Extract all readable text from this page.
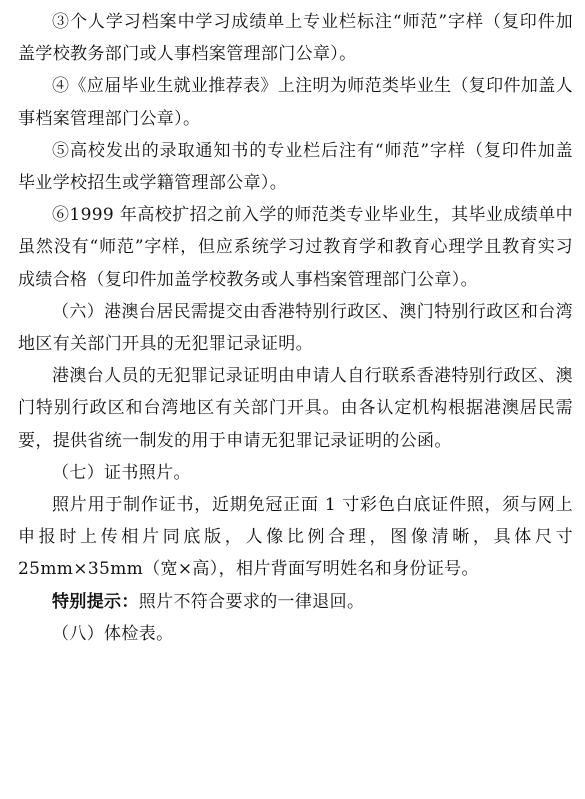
③个人学习档案中学习成绩单上专业栏标注“师范”字样（复印件加盖学校教务部门或人事档案管理部门公章）。

④《应届毕业生就业推荐表》上注明为师范类毕业生（复印件加盖人事档案管理部门公章）。

⑤高校发出的录取通知书的专业栏后注有“师范”字样（复印件加盖毕业学校招生或学籍管理部公章）。

⑥1999 年高校扩招之前入学的师范类专业毕业生，其毕业成绩单中虽然没有“师范”字样，但应系统学习过教育学和教育心理学且教育实习成绩合格（复印件加盖学校教务或人事档案管理部门公章）。

（六）港澳台居民需提交由香港特别行政区、澳门特别行政区和台湾地区有关部门开具的无犯罪记录证明。

港澳台人员的无犯罪记录证明由申请人自行联系香港特别行政区、澳门特别行政区和台湾地区有关部门开具。由各认定机构根据港澳居民需要，提供省统一制发的用于申请无犯罪记录证明的公函。

（七）证书照片。

照片用于制作证书，近期免冠正面 1 寸彩色白底证件照，须与网上申报时上传相片同底版，人像比例合理，图像清晰，具体尺寸 25mm×35mm（宽×高），相片背面写明姓名和身份证号。

特别提示：照片不符合要求的一律退回。

（八）体检表。
